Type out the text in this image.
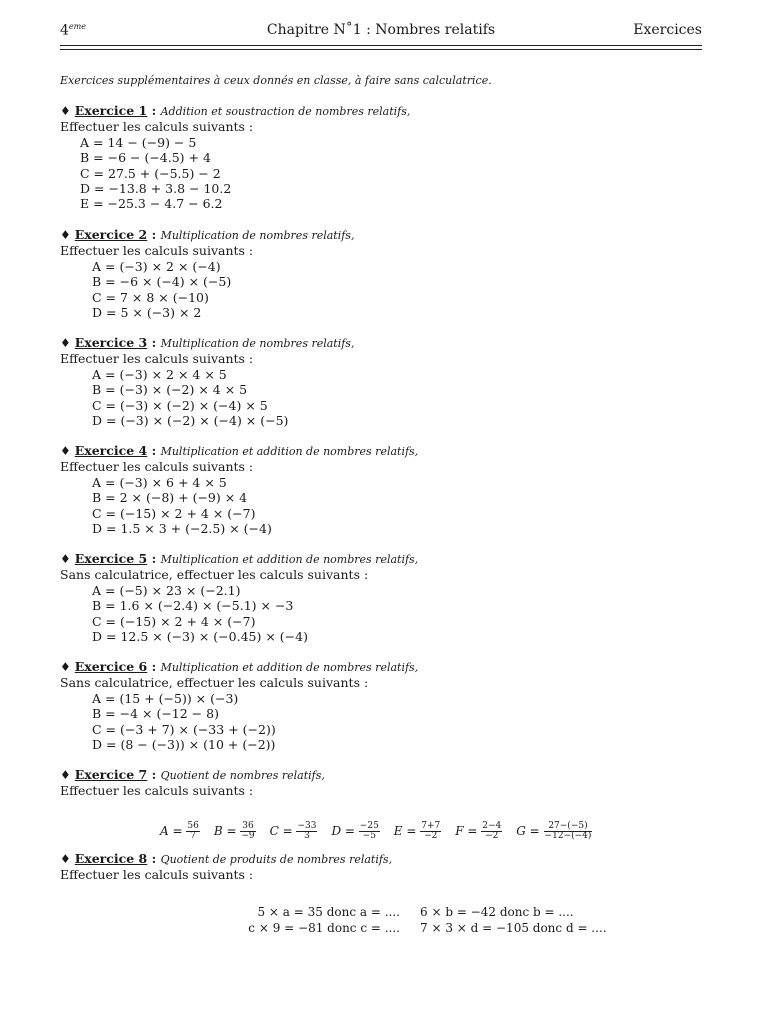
4eme	Chapitre N˚1 : Nombres relatifs	Exercices
Exercices supplémentaires à ceux donnés en classe, à faire sans calculatrice.
♦ Exercice 1 : Addition et soustraction de nombres relatifs,
Effectuer les calculs suivants :
A = 14 − (−9) − 5
B = −6 − (−4.5) + 4
C = 27.5 + (−5.5) − 2
D = −13.8 + 3.8 − 10.2
E = −25.3 − 4.7 − 6.2
♦ Exercice 2 : Multiplication de nombres relatifs,
Effectuer les calculs suivants :
A = (−3) × 2 × (−4)
B = −6 × (−4) × (−5)
C = 7 × 8 × (−10)
D = 5 × (−3) × 2
♦ Exercice 3 : Multiplication de nombres relatifs,
Effectuer les calculs suivants :
A = (−3) × 2 × 4 × 5
B = (−3) × (−2) × 4 × 5
C = (−3) × (−2) × (−4) × 5
D = (−3) × (−2) × (−4) × (−5)
♦ Exercice 4 : Multiplication et addition de nombres relatifs,
Effectuer les calculs suivants :
A = (−3) × 6 + 4 × 5
B = 2 × (−8) + (−9) × 4
C = (−15) × 2 + 4 × (−7)
D = 1.5 × 3 + (−2.5) × (−4)
♦ Exercice 5 : Multiplication et addition de nombres relatifs,
Sans calculatrice, effectuer les calculs suivants :
A = (−5) × 23 × (−2.1)
B = 1.6 × (−2.4) × (−5.1) × −3
C = (−15) × 2 + 4 × (−7)
D = 12.5 × (−3) × (−0.45) × (−4)
♦ Exercice 6 : Multiplication et addition de nombres relatifs,
Sans calculatrice, effectuer les calculs suivants :
A = (15 + (−5)) × (−3)
B = −4 × (−12 − 8)
C = (−3 + 7) × (−33 + (−2))
D = (8 − (−3)) × (10 + (−2))
♦ Exercice 7 : Quotient de nombres relatifs,
Effectuer les calculs suivants :
♦ Exercice 8 : Quotient de produits de nombres relatifs,
Effectuer les calculs suivants :
$A = \frac{56}{7}$ $B = \frac{36}{-9}$ $C = \frac{-33}{3}$ $D = \frac{-25}{-5}$ $E = \frac{7+7}{-2}$ $F = \frac{2-4}{-2}$ $G = \frac{27-(-5)}{-12-(-4)}$
5 × a = 35 donc a = .... 6 × b = −42 donc b = ....
c × 9 = −81 donc c = .... 7 × 3 × d = −105 donc d = ....
